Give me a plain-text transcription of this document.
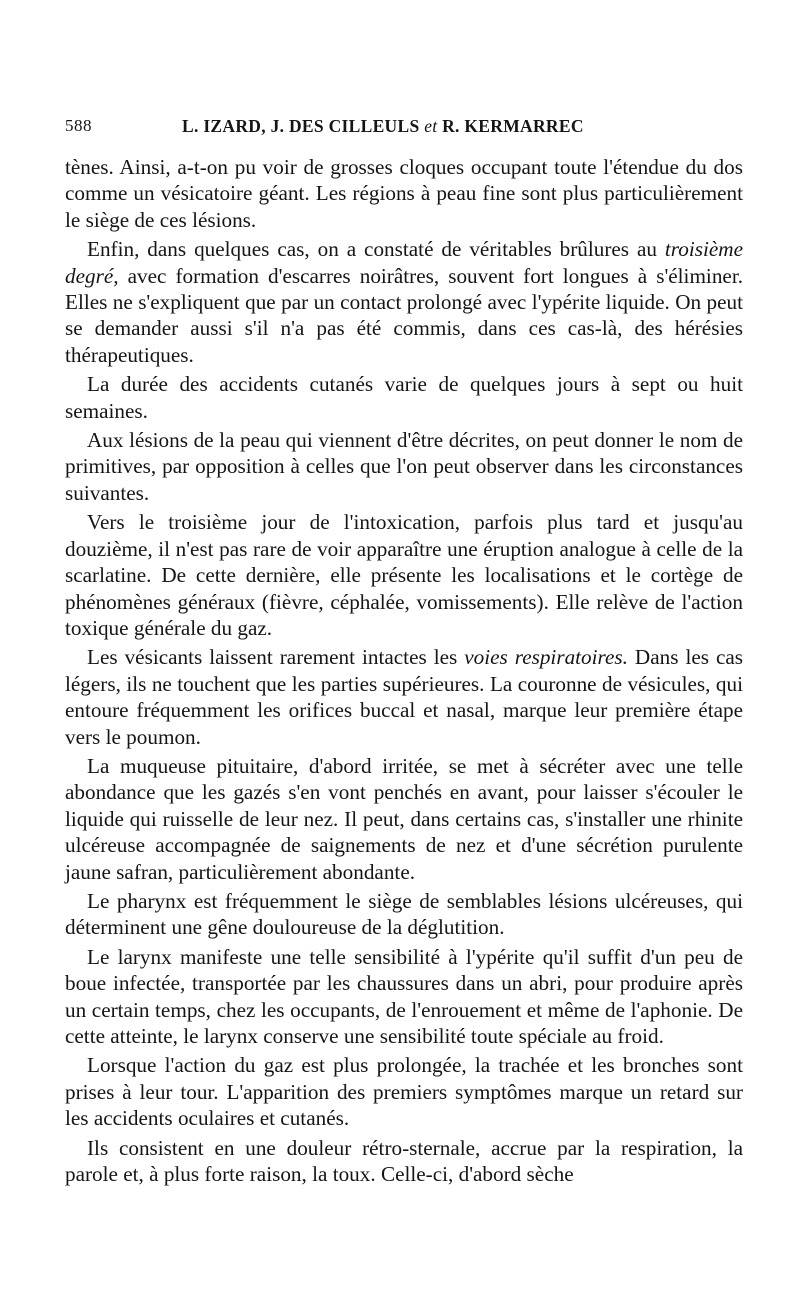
588	L. IZARD, J. DES CILLEULS et R. KERMARREC

tènes. Ainsi, a-t-on pu voir de grosses cloques occupant toute l'étendue du dos comme un vésicatoire géant. Les régions à peau fine sont plus particulièrement le siège de ces lésions.

Enfin, dans quelques cas, on a constaté de véritables brûlures au troisième degré, avec formation d'escarres noirâtres, souvent fort longues à s'éliminer. Elles ne s'expliquent que par un contact prolongé avec l'ypérite liquide. On peut se demander aussi s'il n'a pas été commis, dans ces cas-là, des hérésies thérapeutiques.

La durée des accidents cutanés varie de quelques jours à sept ou huit semaines.

Aux lésions de la peau qui viennent d'être décrites, on peut donner le nom de primitives, par opposition à celles que l'on peut observer dans les circonstances suivantes.

Vers le troisième jour de l'intoxication, parfois plus tard et jusqu'au douzième, il n'est pas rare de voir apparaître une éruption analogue à celle de la scarlatine. De cette dernière, elle présente les localisations et le cortège de phénomènes généraux (fièvre, céphalée, vomissements). Elle relève de l'action toxique générale du gaz.

Les vésicants laissent rarement intactes les voies respiratoires. Dans les cas légers, ils ne touchent que les parties supérieures. La couronne de vésicules, qui entoure fréquemment les orifices buccal et nasal, marque leur première étape vers le poumon.

La muqueuse pituitaire, d'abord irritée, se met à sécréter avec une telle abondance que les gazés s'en vont penchés en avant, pour laisser s'écouler le liquide qui ruisselle de leur nez. Il peut, dans certains cas, s'installer une rhinite ulcéreuse accompagnée de saignements de nez et d'une sécrétion purulente jaune safran, particulièrement abondante.

Le pharynx est fréquemment le siège de semblables lésions ulcéreuses, qui déterminent une gêne douloureuse de la déglutition.

Le larynx manifeste une telle sensibilité à l'ypérite qu'il suffit d'un peu de boue infectée, transportée par les chaussures dans un abri, pour produire après un certain temps, chez les occupants, de l'enrouement et même de l'aphonie. De cette atteinte, le larynx conserve une sensibilité toute spéciale au froid.

Lorsque l'action du gaz est plus prolongée, la trachée et les bronches sont prises à leur tour. L'apparition des premiers symptômes marque un retard sur les accidents oculaires et cutanés.

Ils consistent en une douleur rétro-sternale, accrue par la respiration, la parole et, à plus forte raison, la toux. Celle-ci, d'abord sèche
